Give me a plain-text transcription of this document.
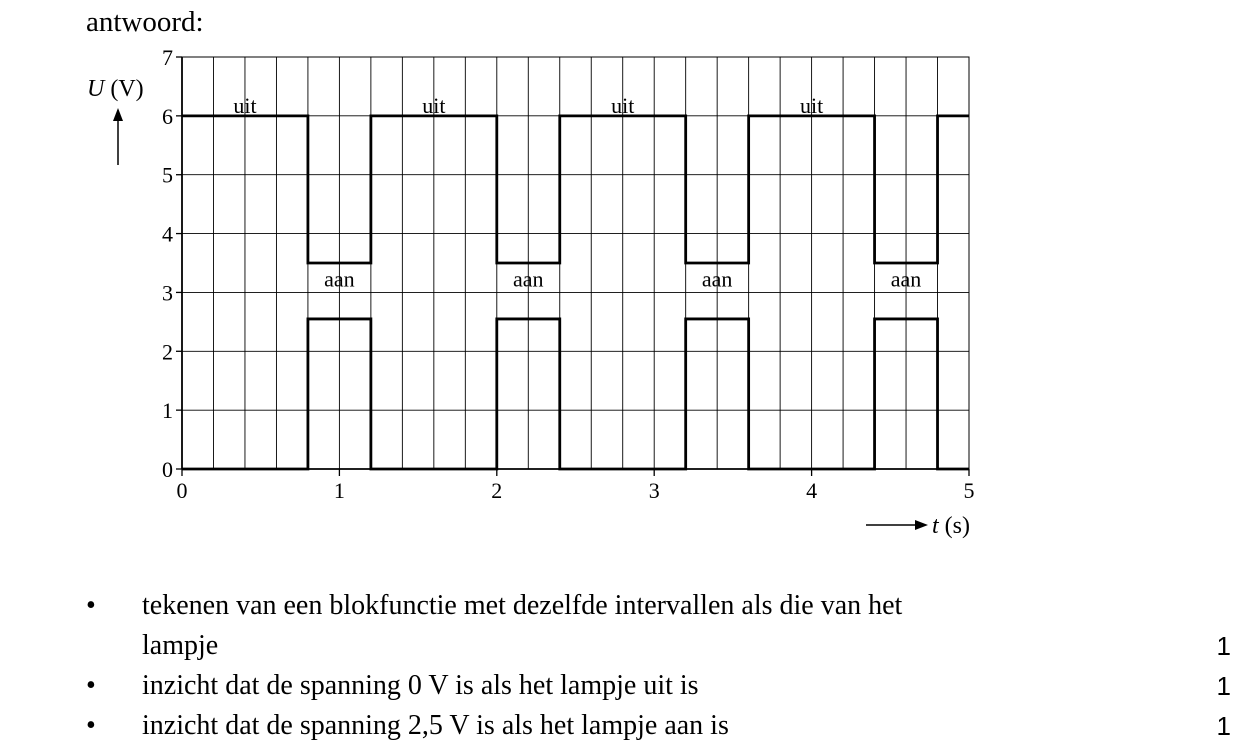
antwoord:
0
1
2
3
4
5
6
7
0	1	2	3	4	5
uit	uit	uit	uit
aan	aan	aan	aan
U (V)
t (s)
• tekenen van een blokfunctie met dezelfde intervallen als die van het
lampje	1
• inzicht dat de spanning 0 V is als het lampje uit is	1
• inzicht dat de spanning 2,5 V is als het lampje aan is	1
